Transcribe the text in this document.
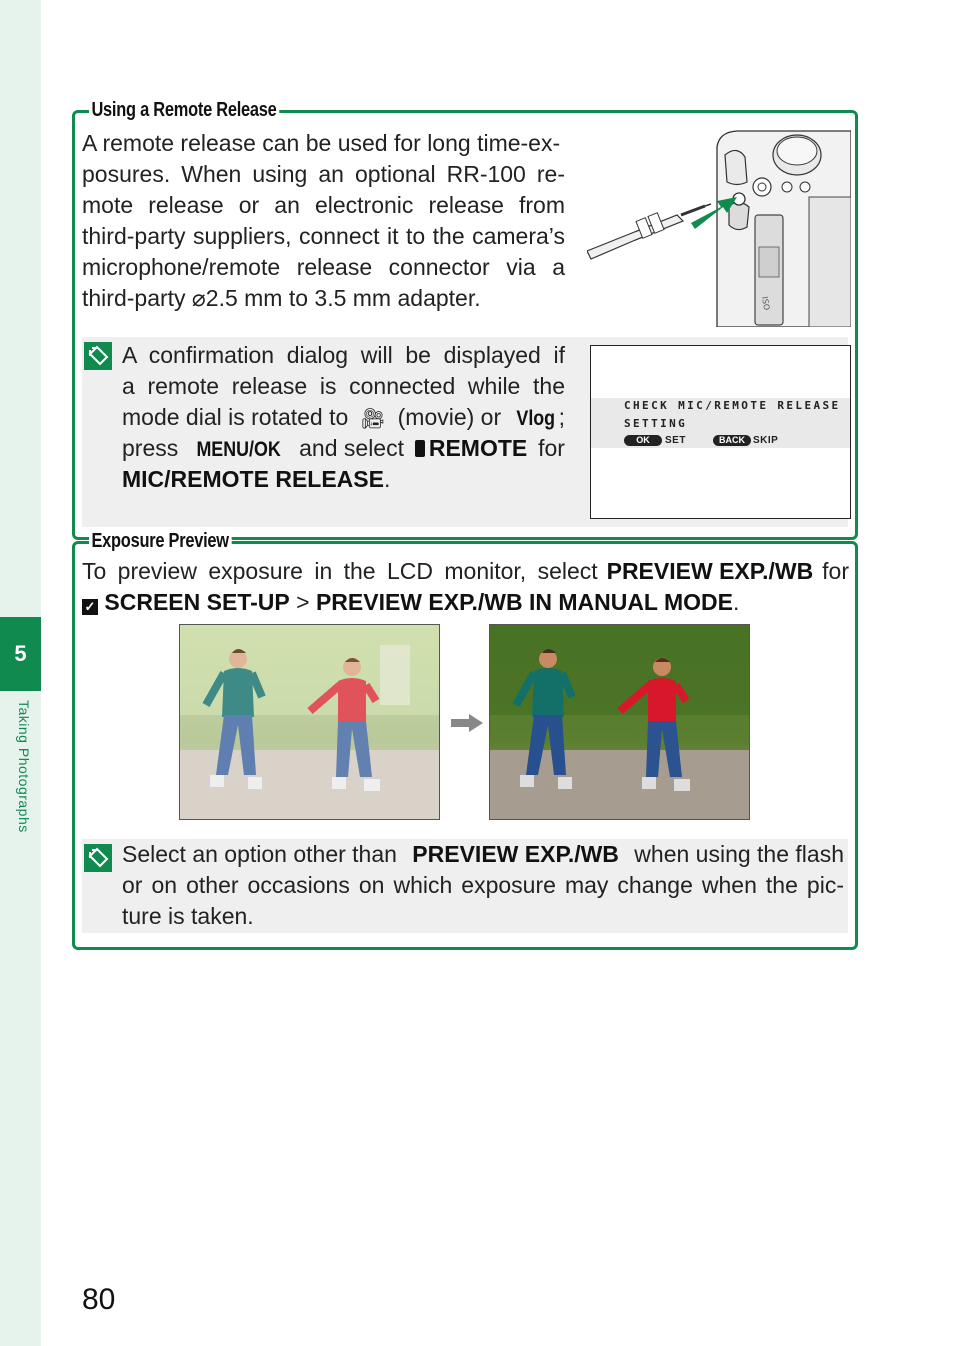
5
Taking Photographs
Using a Remote Release
A remote release can be used for long time-ex-
posures. When using an optional RR-100 re-
mote release or an electronic release from
third-party suppliers, connect it to the camera’s
microphone/remote release connector via a
third-party ⌀2.5 mm to 3.5 mm adapter.	ISO
A confirmation dialog will be displayed if
a remote release is connected while the
mode dial is rotated to 🎥︎ (movie) or Vlog ;
press MENU/OK and select	REMOTE for
MIC/REMOTE RELEASE.
CHECK MIC/REMOTE RELEASE
SETTING
OK	SET	BACK SKIP
Exposure Preview
To preview exposure in the LCD monitor, select PREVIEW EXP./WB for
✓ SCREEN SET-UP > PREVIEW EXP./WB IN MANUAL MODE.
Select an option other than PREVIEW EXP./WB when using the flash
or on other occasions on which exposure may change when the pic-
ture is taken.
80
